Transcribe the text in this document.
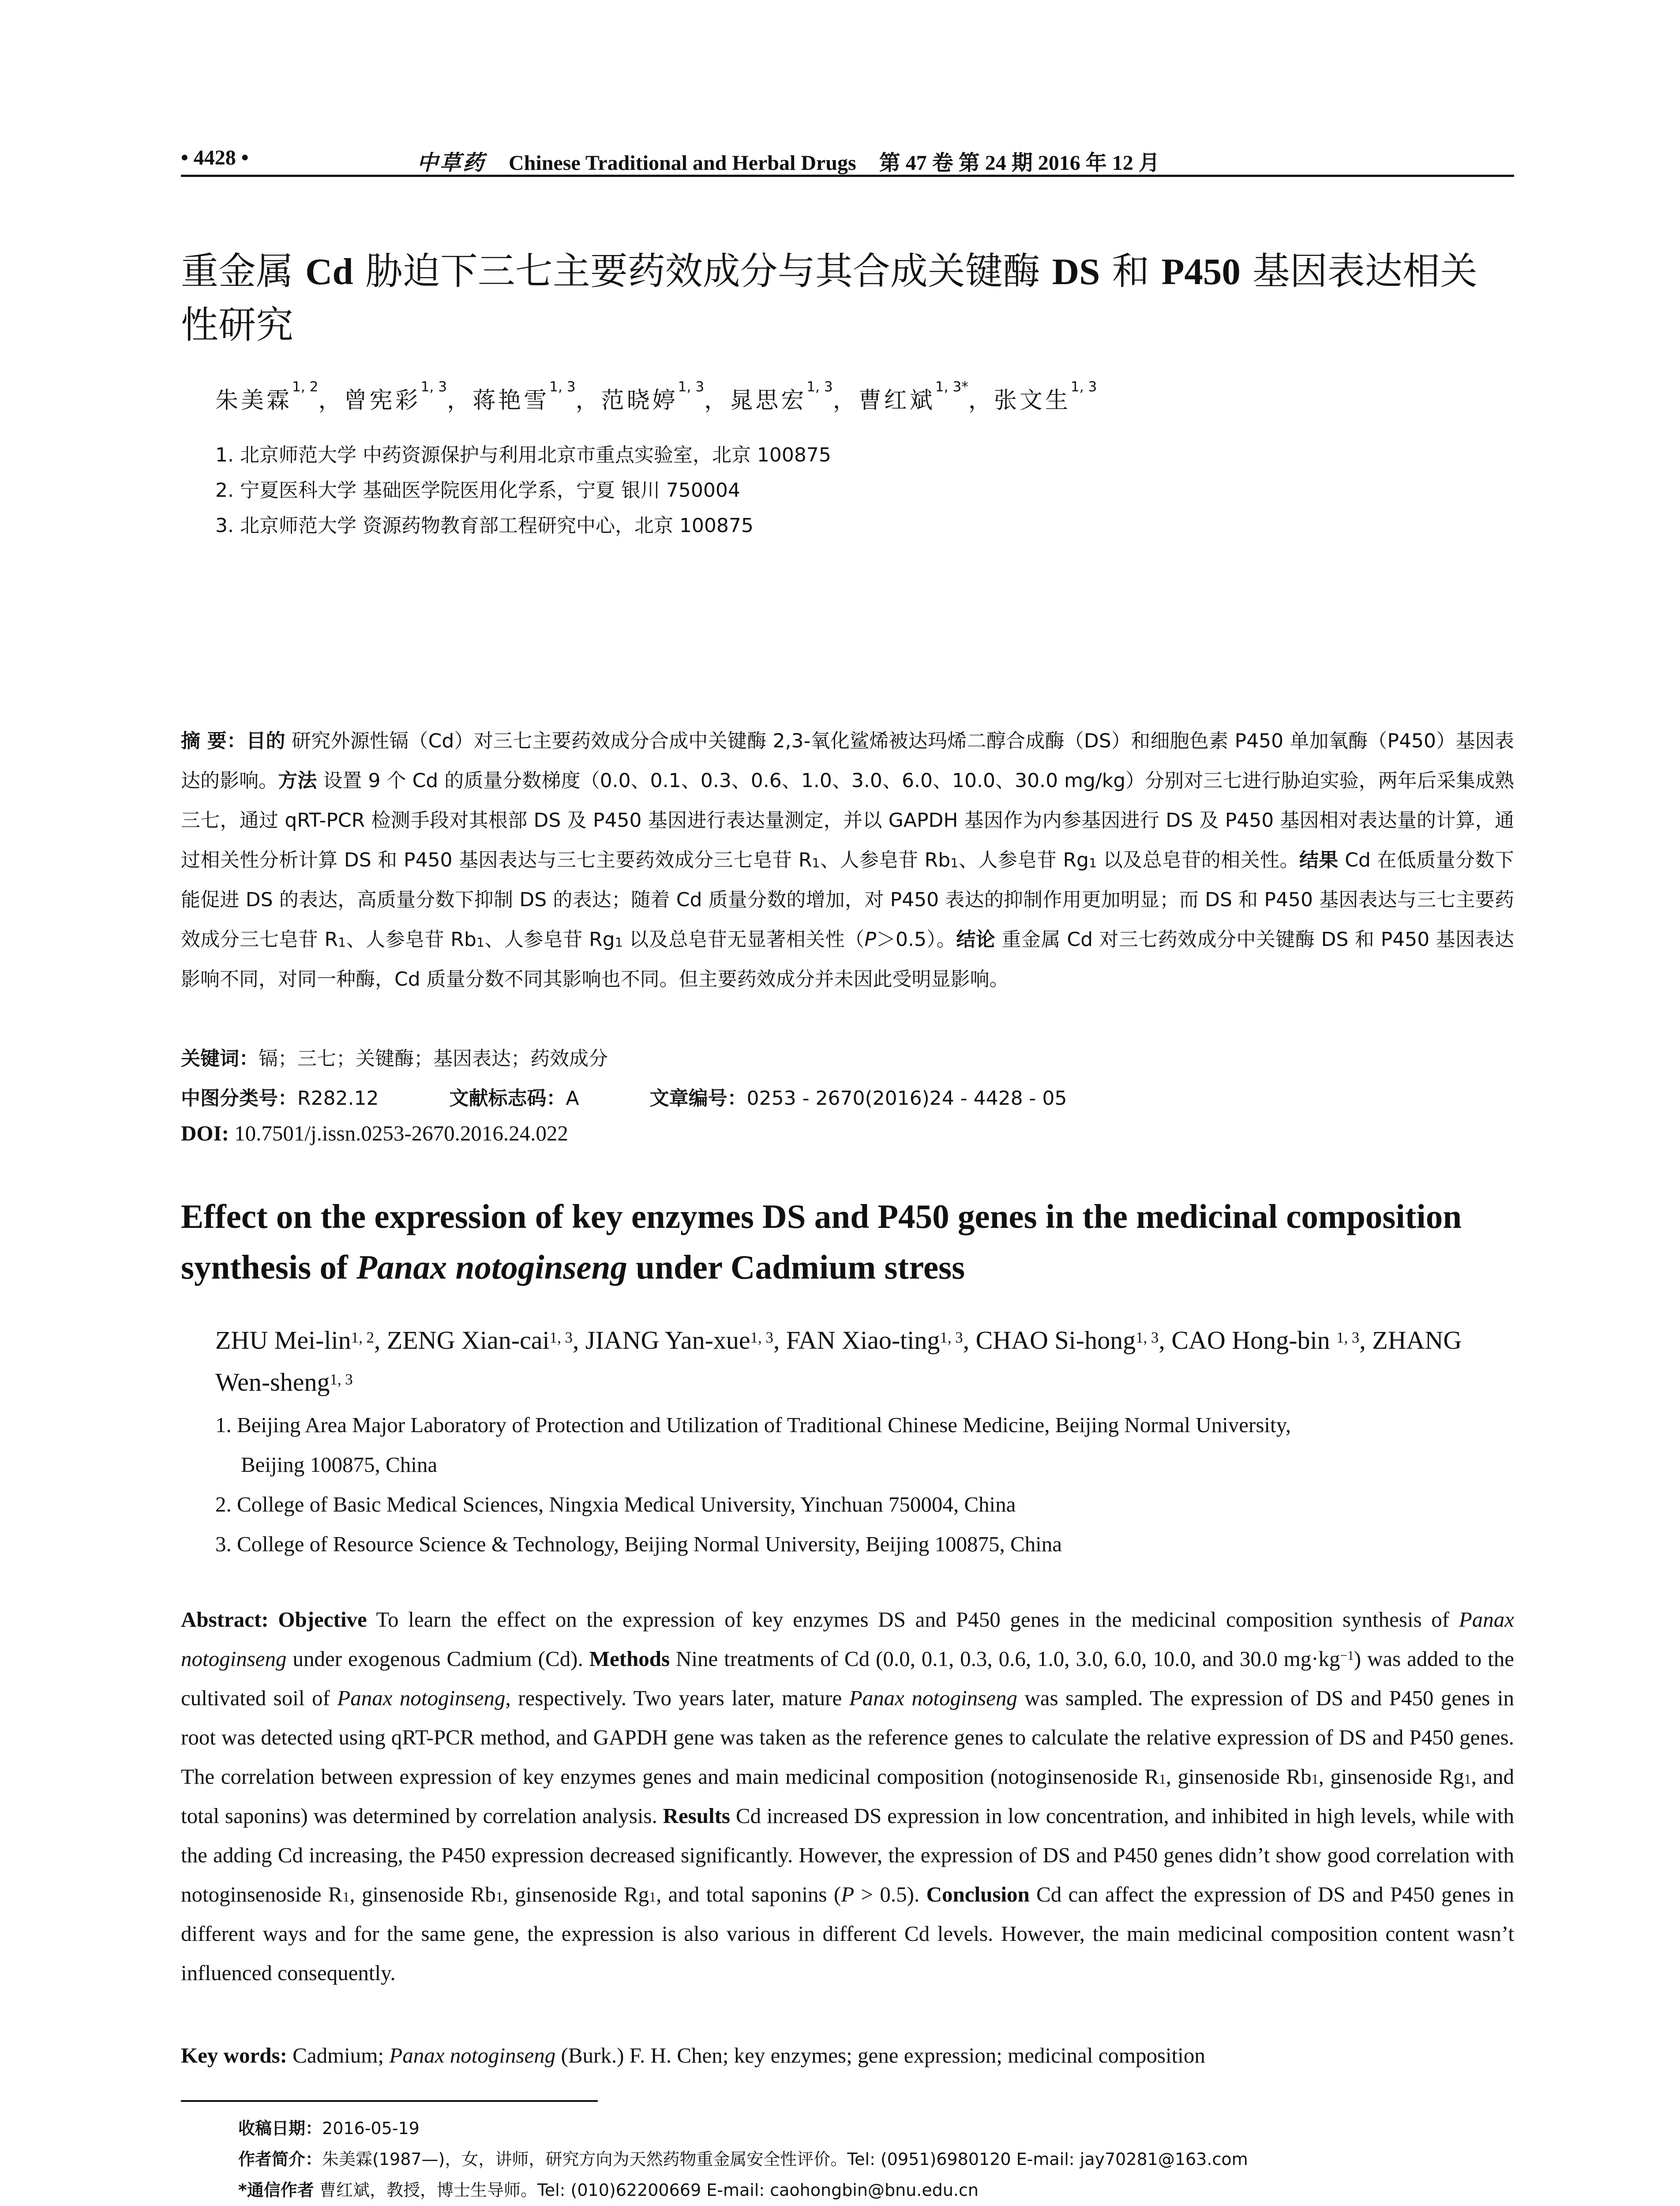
• 4428 •	中草药 Chinese Traditional and Herbal Drugs 第 47 卷 第 24 期 2016 年 12 月
重金属 Cd 胁迫下三七主要药效成分与其合成关键酶 DS 和 P450 基因表达相关性研究
朱美霖$^{1, 2}$，曾宪彩$^{1, 3}$，蒋艳雪$^{1, 3}$，范晓婷$^{1, 3}$，晁思宏$^{1, 3}$，曹红斌$^{1, 3*}$，张文生$^{1, 3}$
1. 北京师范大学 中药资源保护与利用北京市重点实验室，北京 100875
2. 宁夏医科大学 基础医学院医用化学系，宁夏 银川 750004
3. 北京师范大学 资源药物教育部工程研究中心，北京 100875
摘 要：目的 研究外源性镉（Cd）对三七主要药效成分合成中关键酶 2,3-氧化鲨烯被达玛烯二醇合成酶（DS）和细胞色素 P450 单加氧酶（P450）基因表达的影响。方法 设置 9 个 Cd 的质量分数梯度（0.0、0.1、0.3、0.6、1.0、3.0、6.0、10.0、30.0 mg/kg）分别对三七进行胁迫实验，两年后采集成熟三七，通过 qRT-PCR 检测手段对其根部 DS 及 P450 基因进行表达量测定，并以 GAPDH 基因作为内参基因进行 DS 及 P450 基因相对表达量的计算，通过相关性分析计算 DS 和 P450 基因表达与三七主要药效成分三七皂苷 $R_1$、人参皂苷 $Rb_1$、人参皂苷 $Rg_1$ 以及总皂苷的相关性。结果 Cd 在低质量分数下能促进 DS 的表达，高质量分数下抑制 DS 的表达；随着 Cd 质量分数的增加，对 P450 表达的抑制作用更加明显；而 DS 和 P450 基因表达与三七主要药效成分三七皂苷 $R_1$、人参皂苷 $Rb_1$、人参皂苷 $Rg_1$ 以及总皂苷无显著相关性（P＞0.5）。结论 重金属 Cd 对三七药效成分中关键酶 DS 和 P450 基因表达影响不同，对同一种酶，Cd 质量分数不同其影响也不同。但主要药效成分并未因此受明显影响。
关键词：镉；三七；关键酶；基因表达；药效成分
中图分类号：R282.12	文献标志码：A	文章编号：0253 - 2670(2016)24 - 4428 - 05
DOI: 10.7501/j.issn.0253-2670.2016.24.022
Effect on the expression of key enzymes DS and P450 genes in the medicinal composition synthesis of Panax notoginseng under Cadmium stress
ZHU Mei-lin$^{1, 2}$, ZENG Xian-cai$^{1, 3}$, JIANG Yan-xue$^{1, 3}$, FAN Xiao-ting$^{1, 3}$, CHAO Si-hong$^{1, 3}$, CAO Hong-bin $^{1, 3}$, ZHANG Wen-sheng$^{1, 3}$
1. Beijing Area Major Laboratory of Protection and Utilization of Traditional Chinese Medicine, Beijing Normal University,
Beijing 100875, China
2. College of Basic Medical Sciences, Ningxia Medical University, Yinchuan 750004, China
3. College of Resource Science & Technology, Beijing Normal University, Beijing 100875, China
Abstract: Objective To learn the effect on the expression of key enzymes DS and P450 genes in the medicinal composition synthesis of Panax notoginseng under exogenous Cadmium (Cd). Methods Nine treatments of Cd (0.0, 0.1, 0.3, 0.6, 1.0, 3.0, 6.0, 10.0, and 30.0 $mg\cdot kg^{-1}$) was added to the cultivated soil of Panax notoginseng, respectively. Two years later, mature Panax notoginseng was sampled. The expression of DS and P450 genes in root was detected using qRT-PCR method, and GAPDH gene was taken as the reference genes to calculate the relative expression of DS and P450 genes. The correlation between expression of key enzymes genes and main medicinal composition (notoginsenoside $R_1$, ginsenoside $Rb_1$, ginsenoside $Rg_1$, and total saponins) was determined by correlation analysis. Results Cd increased DS expression in low concentration, and inhibited in high levels, while with the adding Cd increasing, the P450 expression decreased significantly. However, the expression of DS and P450 genes didn’t show good correlation with notoginsenoside $R_1$, ginsenoside $Rb_1$, ginsenoside $Rg_1$, and total saponins (P > 0.5). Conclusion Cd can affect the expression of DS and P450 genes in different ways and for the same gene, the expression is also various in different Cd levels. However, the main medicinal composition content wasn’t influenced consequently.
Key words: Cadmium; Panax notoginseng (Burk.) F. H. Chen; key enzymes; gene expression; medicinal composition
收稿日期：2016-05-19
作者简介：朱美霖(1987—)，女，讲师，研究方向为天然药物重金属安全性评价。Tel: (0951)6980120 E-mail: jay70281@163.com
*通信作者 曹红斌，教授，博士生导师。Tel: (010)62200669 E-mail: caohongbin@bnu.edu.cn
